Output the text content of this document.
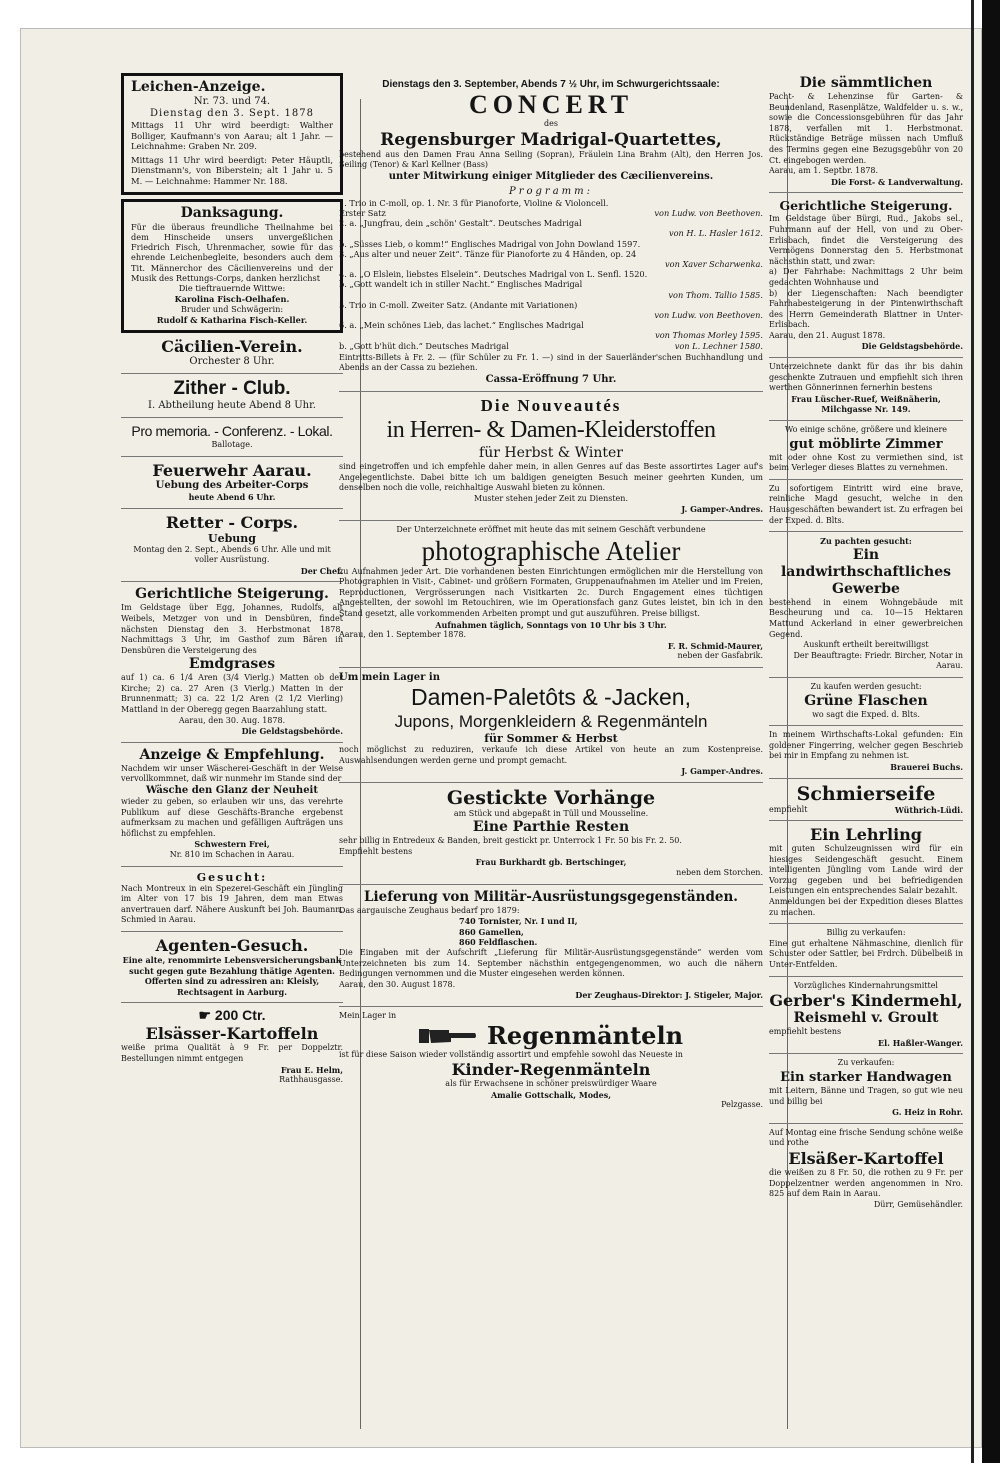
Leichen-Anzeige.

Nr. 73. und 74.

Dienstag den 3. Sept. 1878

Mittags 11 Uhr wird beerdigt: Walther Bolliger, Kaufmann's von Aarau; alt 1 Jahr. — Leichnahme: Graben Nr. 209.

Mittags 11 Uhr wird beerdigt: Peter Häuptli, Dienstmann's, von Biberstein; alt 1 Jahr u. 5 M. — Leichnahme: Hammer Nr. 188.

Danksagung.

Für die überaus freundliche Theilnahme bei dem Hinscheide unsers unvergeßlichen Friedrich Fisch, Uhrenmacher, sowie für das ehrende Leichenbegleite, besonders auch dem Tit. Männerchor des Cäcilienvereins und der Musik des Rettungs-Corps, danken herzlichst

Die tieftrauernde Wittwe:

Karolina Fisch-Oelhafen.

Bruder und Schwägerin:

Rudolf & Katharina Fisch-Keller.

Cäcilien-Verein.

Orchester 8 Uhr.

Zither - Club.

I. Abtheilung heute Abend 8 Uhr.

Pro memoria. - Conferenz. - Lokal.

Ballotage.

Feuerwehr Aarau.

Uebung des Arbeiter-Corps

heute Abend 6 Uhr.

Retter - Corps.

Uebung

Montag den 2. Sept., Abends 6 Uhr. Alle und mit voller Ausrüstung.

Der Chef.

Gerichtliche Steigerung.

Im Geldstage über Egg, Johannes, Rudolfs, alt Weibels, Metzger von und in Densbüren, findet nächsten Dienstag den 3. Herbstmonat 1878, Nachmittags 3 Uhr, im Gasthof zum Bären in Densbüren die Versteigerung des

Emdgrases

auf 1) ca. 6 1/4 Aren (3/4 Vierlg.) Matten ob der Kirche; 2) ca. 27 Aren (3 Vierlg.) Matten in der Brunnenmatt; 3) ca. 22 1/2 Aren (2 1/2 Vierling) Mattland in der Oberegg gegen Baarzahlung statt.

Aarau, den 30. Aug. 1878.

Die Geldstagsbehörde.

Anzeige & Empfehlung.

Nachdem wir unser Wäscherei-Geschäft in der Weise vervollkommnet, daß wir nunmehr im Stande sind der

Wäsche den Glanz der Neuheit

wieder zu geben, so erlauben wir uns, das verehrte Publikum auf diese Geschäfts-Branche ergebenst aufmerksam zu machen und gefälligen Aufträgen uns höflichst zu empfehlen.

Schwestern Frei,

Nr. 810 im Schachen in Aarau.

Gesucht:

Nach Montreux in ein Spezerei-Geschäft ein Jüngling im Alter von 17 bis 19 Jahren, dem man Etwas anvertrauen darf. Nähere Auskunft bei Joh. Baumann, Schmied in Aarau.

Agenten-Gesuch.

Eine alte, renommirte Lebensversicherungsbank sucht gegen gute Bezahlung thätige Agenten. Offerten sind zu adressiren an: Kleisly, Rechtsagent in Aarburg.

☛ 200 Ctr.
Elsässer-Kartoffeln

weiße prima Qualität à 9 Fr. per Doppelztr. Bestellungen nimmt entgegen

Frau E. Helm,

Rathhausgasse.

Dienstags den 3. September, Abends 7 ½ Uhr, im Schwurgerichtssaale:

CONCERT

des

Regensburger Madrigal-Quartettes,

bestehend aus den Damen Frau Anna Seiling (Sopran), Fräulein Lina Brahm (Alt), den Herren Jos. Seiling (Tenor) & Karl Kellner (Bass)

unter Mitwirkung einiger Mitglieder des Cæcilienvereins.

Programm:

1. Trio in C-moll, op. 1. Nr. 3 für Pianoforte, Violine & Violoncell.
Erster Satz	von Ludw. von Beethoven.
2. a. „Jungfrau, dein „schön' Gestalt“. Deutsches Madrigal
von H. L. Hasler 1612.
b. „Süsses Lieb, o komm!“ Englisches Madrigal von John Dowland 1597.
3. „Aus alter und neuer Zeit“. Tänze für Pianoforte zu 4 Händen, op. 24
von Xaver Scharwenka.
4. a. „O Elslein, liebstes Elselein“. Deutsches Madrigal von L. Senfl. 1520.
b. „Gott wandelt ich in stiller Nacht.“ Englisches Madrigal
von Thom. Tallio 1585.
5. Trio in C-moll. Zweiter Satz. (Andante mit Variationen)
von Ludw. von Beethoven.
6. a. „Mein schönes Lieb, das lachet.“ Englisches Madrigal
von Thomas Morley 1595.
b. „Gott b'hüt dich.“ Deutsches Madrigal	von L. Lechner 1580.

Eintritts-Billets à Fr. 2. — (für Schüler zu Fr. 1. —) sind in der Sauerländer'schen Buchhandlung und Abends an der Cassa zu beziehen.

Cassa-Eröffnung 7 Uhr.

Die Nouveautés
in Herren- & Damen-Kleiderstoffen

für Herbst & Winter

sind eingetroffen und ich empfehle daher mein, in allen Genres auf das Beste assortirtes Lager auf's Angelegentlichste. Dabei bitte ich um baldigen geneigten Besuch meiner geehrten Kunden, um denselben noch die volle, reichhaltige Auswahl bieten zu können.

Muster stehen jeder Zeit zu Diensten.

J. Gamper-Andres.

Der Unterzeichnete eröffnet mit heute das mit seinem Geschäft verbundene

photographische Atelier

zu Aufnahmen jeder Art. Die vorhandenen besten Einrichtungen ermöglichen mir die Herstellung von Photographien in Visit-, Cabinet- und größern Formaten, Gruppenaufnahmen im Atelier und im Freien, Reproductionen, Vergrösserungen nach Visitkarten 2c. Durch Engagement eines tüchtigen Angestellten, der sowohl im Retouchiren, wie im Operationsfach ganz Gutes leistet, bin ich in den Stand gesetzt, alle vorkommenden Arbeiten prompt und gut auszuführen. Preise billigst.

Aufnahmen täglich, Sonntags von 10 Uhr bis 3 Uhr.

Aarau, den 1. September 1878.

F. R. Schmid-Maurer,

neben der Gasfabrik.

Um mein Lager in

Damen-Paletôts & -Jacken,
Jupons, Morgenkleidern & Regenmänteln

für Sommer & Herbst

noch möglichst zu reduziren, verkaufe ich diese Artikel von heute an zum Kostenpreise. Auswahlsendungen werden gerne und prompt gemacht.

J. Gamper-Andres.

Gestickte Vorhänge

am Stück und abgepaßt in Tüll und Mousseline.

Eine Parthie Resten

sehr billig in Entredeux & Banden, breit gestickt pr. Unterrock 1 Fr. 50 bis Fr. 2. 50.

Empfiehlt bestens

Frau Burkhardt gb. Bertschinger,

neben dem Storchen.

Lieferung von Militär-Ausrüstungsgegenständen.

Das aargauische Zeughaus bedarf pro 1879:

740 Tornister, Nr. I und II,

860 Gamellen,

860 Feldflaschen.

Die Eingaben mit der Aufschrift „Lieferung für Militär-Ausrüstungsgegenstände“ werden vom Unterzeichneten bis zum 14. September nächsthin entgegengenommen, wo auch die nähern Bedingungen vernommen und die Muster eingesehen werden können.

Aarau, den 30. August 1878.

Der Zeughaus-Direktor: J. Stigeler, Major.

Mein Lager in

Regenmänteln

ist für diese Saison wieder vollständig assortirt und empfehle sowohl das Neueste in

Kinder-Regenmänteln

als für Erwachsene in schöner preiswürdiger Waare

Amalie Gottschalk, Modes,

Pelzgasse.

Die sämmtlichen

Pacht- & Lehenzinse für Garten- & Beundenland, Rasenplätze, Waldfelder u. s. w., sowie die Concessionsgebühren für das Jahr 1878, verfallen mit 1. Herbstmonat. Rückständige Beträge müssen nach Umfluß des Termins gegen eine Bezugsgebühr von 20 Ct. eingebogen werden.

Aarau, am 1. Septbr. 1878.

Die Forst- & Landverwaltung.

Gerichtliche Steigerung.

Im Geldstage über Bürgi, Rud., Jakobs sel., Fuhrmann auf der Hell, von und zu Ober-Erlisbach, findet die Versteigerung des Vermögens Donnerstag den 5. Herbstmonat nächsthin statt, und zwar:

a) Der Fahrhabe: Nachmittags 2 Uhr beim gedachten Wohnhause und

b) der Liegenschaften: Nach beendigter Fahrhabesteigerung in der Pintenwirthschaft des Herrn Gemeinderath Blattner in Unter-Erlisbach.

Aarau, den 21. August 1878.

Die Geldstagsbehörde.

Unterzeichnete dankt für das ihr bis dahin geschenkte Zutrauen und empfiehlt sich ihren werthen Gönnerinnen fernerhin bestens

Frau Lüscher-Ruef, Weißnäherin, Milchgasse Nr. 149.

Wo einige schöne, größere und kleinere

gut möblirte Zimmer

mit oder ohne Kost zu vermiethen sind, ist beim Verleger dieses Blattes zu vernehmen.

Zu sofortigem Eintritt wird eine brave, reinliche Magd gesucht, welche in den Hausgeschäften bewandert ist. Zu erfragen bei der Exped. d. Blts.

Zu pachten gesucht:

Ein landwirthschaftliches Gewerbe

bestehend in einem Wohngebäude mit Bescheurung und ca. 10—15 Hektaren Mattund Ackerland in einer gewerbreichen Gegend.

Auskunft ertheilt bereitwilligst

Der Beauftragte: Friedr. Bircher, Notar in Aarau.

Zu kaufen werden gesucht:

Grüne Flaschen

wo sagt die Exped. d. Blts.

In meinem Wirthschafts-Lokal gefunden: Ein goldener Fingerring, welcher gegen Beschrieb bei mir in Empfang zu nehmen ist.

Brauerei Buchs.

Schmierseife

empfiehlt	Wüthrich-Lüdi.

Ein Lehrling

mit guten Schulzeugnissen wird für ein hiesiges Seidengeschäft gesucht. Einem intelligenten Jüngling vom Lande wird der Vorzug gegeben und bei befriedigenden Leistungen ein entsprechendes Salair bezahlt.

Anmeldungen bei der Expedition dieses Blattes zu machen.

Billig zu verkaufen:

Eine gut erhaltene Nähmaschine, dienlich für Schuster oder Sattler, bei Frdrch. Dübelbeiß in Unter-Entfelden.

Vorzügliches Kindernahrungsmittel

Gerber's Kindermehl,
Reismehl v. Groult

empfiehlt bestens

El. Haßler-Wanger.

Zu verkaufen:

Ein starker Handwagen

mit Leitern, Bänne und Tragen, so gut wie neu und billig bei

G. Heiz in Rohr.

Auf Montag eine frische Sendung schöne weiße und rothe

Elsäßer-Kartoffel

die weißen zu 8 Fr. 50, die rothen zu 9 Fr. per Doppelzentner werden angenommen in Nro. 825 auf dem Rain in Aarau.

Dürr, Gemüsehändler.
